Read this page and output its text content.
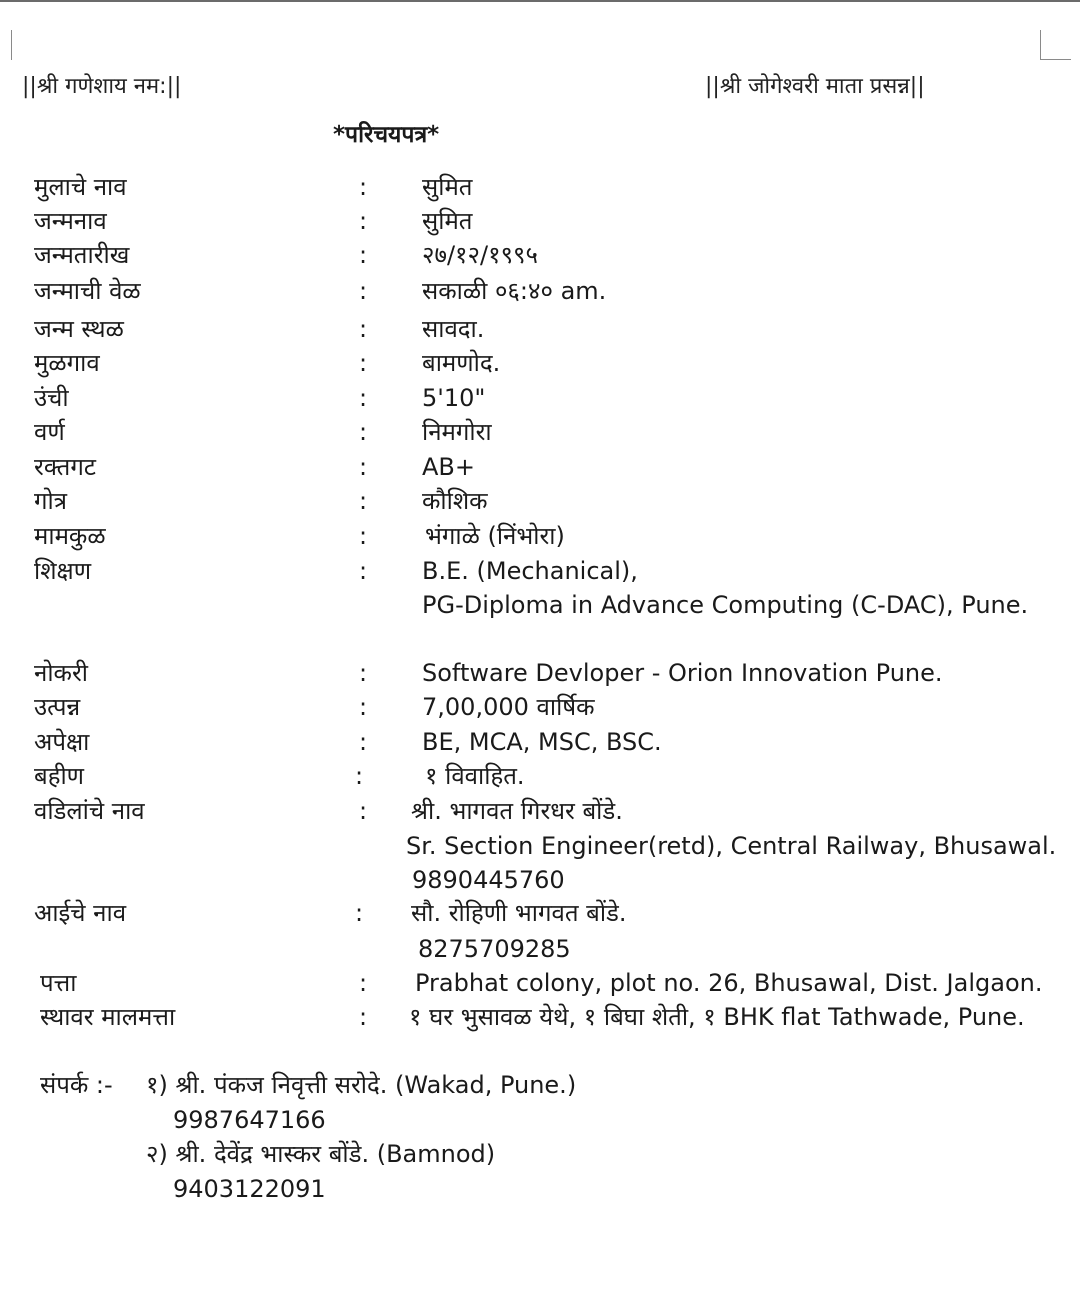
||श्री गणेशाय नम:||	||श्री जोगेश्वरी माता प्रसन्न||
*परिचयपत्र*
मुलाचे नाव	: सुमित
जन्मनाव	: सुमित
जन्मतारीख	: २७/१२/१९९५
जन्माची वेळ	: सकाळी ०६:४० am.
जन्म स्थळ	: सावदा.
मुळगाव	: बामणोद.
उंची	: 5'10"
वर्ण	: निमगोरा
रक्तगट	: AB+
गोत्र	: कौशिक
मामकुळ	: भंगाळे (निंभोरा)
शिक्षण	: B.E. (Mechanical),
PG-Diploma in Advance Computing (C-DAC), Pune.
नोकरी	: Software Devloper - Orion Innovation Pune.
उत्पन्न	: 7,00,000 वार्षिक
अपेक्षा	: BE, MCA, MSC, BSC.
बहीण	:	१ विवाहित.
वडिलांचे नाव	: श्री. भागवत गिरधर बोंडे.
Sr. Section Engineer(retd), Central Railway, Bhusawal.
9890445760
आईचे नाव	: सौ. रोहिणी भागवत बोंडे.
8275709285
पत्ता	: Prabhat colony, plot no. 26, Bhusawal, Dist. Jalgaon.
स्थावर मालमत्ता	: १ घर भुसावळ येथे, १ बिघा शेती, १ BHK flat Tathwade, Pune.
संपर्क :- १) श्री. पंकज निवृत्ती सरोदे. (Wakad, Pune.)
9987647166
२) श्री. देवेंद्र भास्कर बोंडे. (Bamnod)
9403122091
